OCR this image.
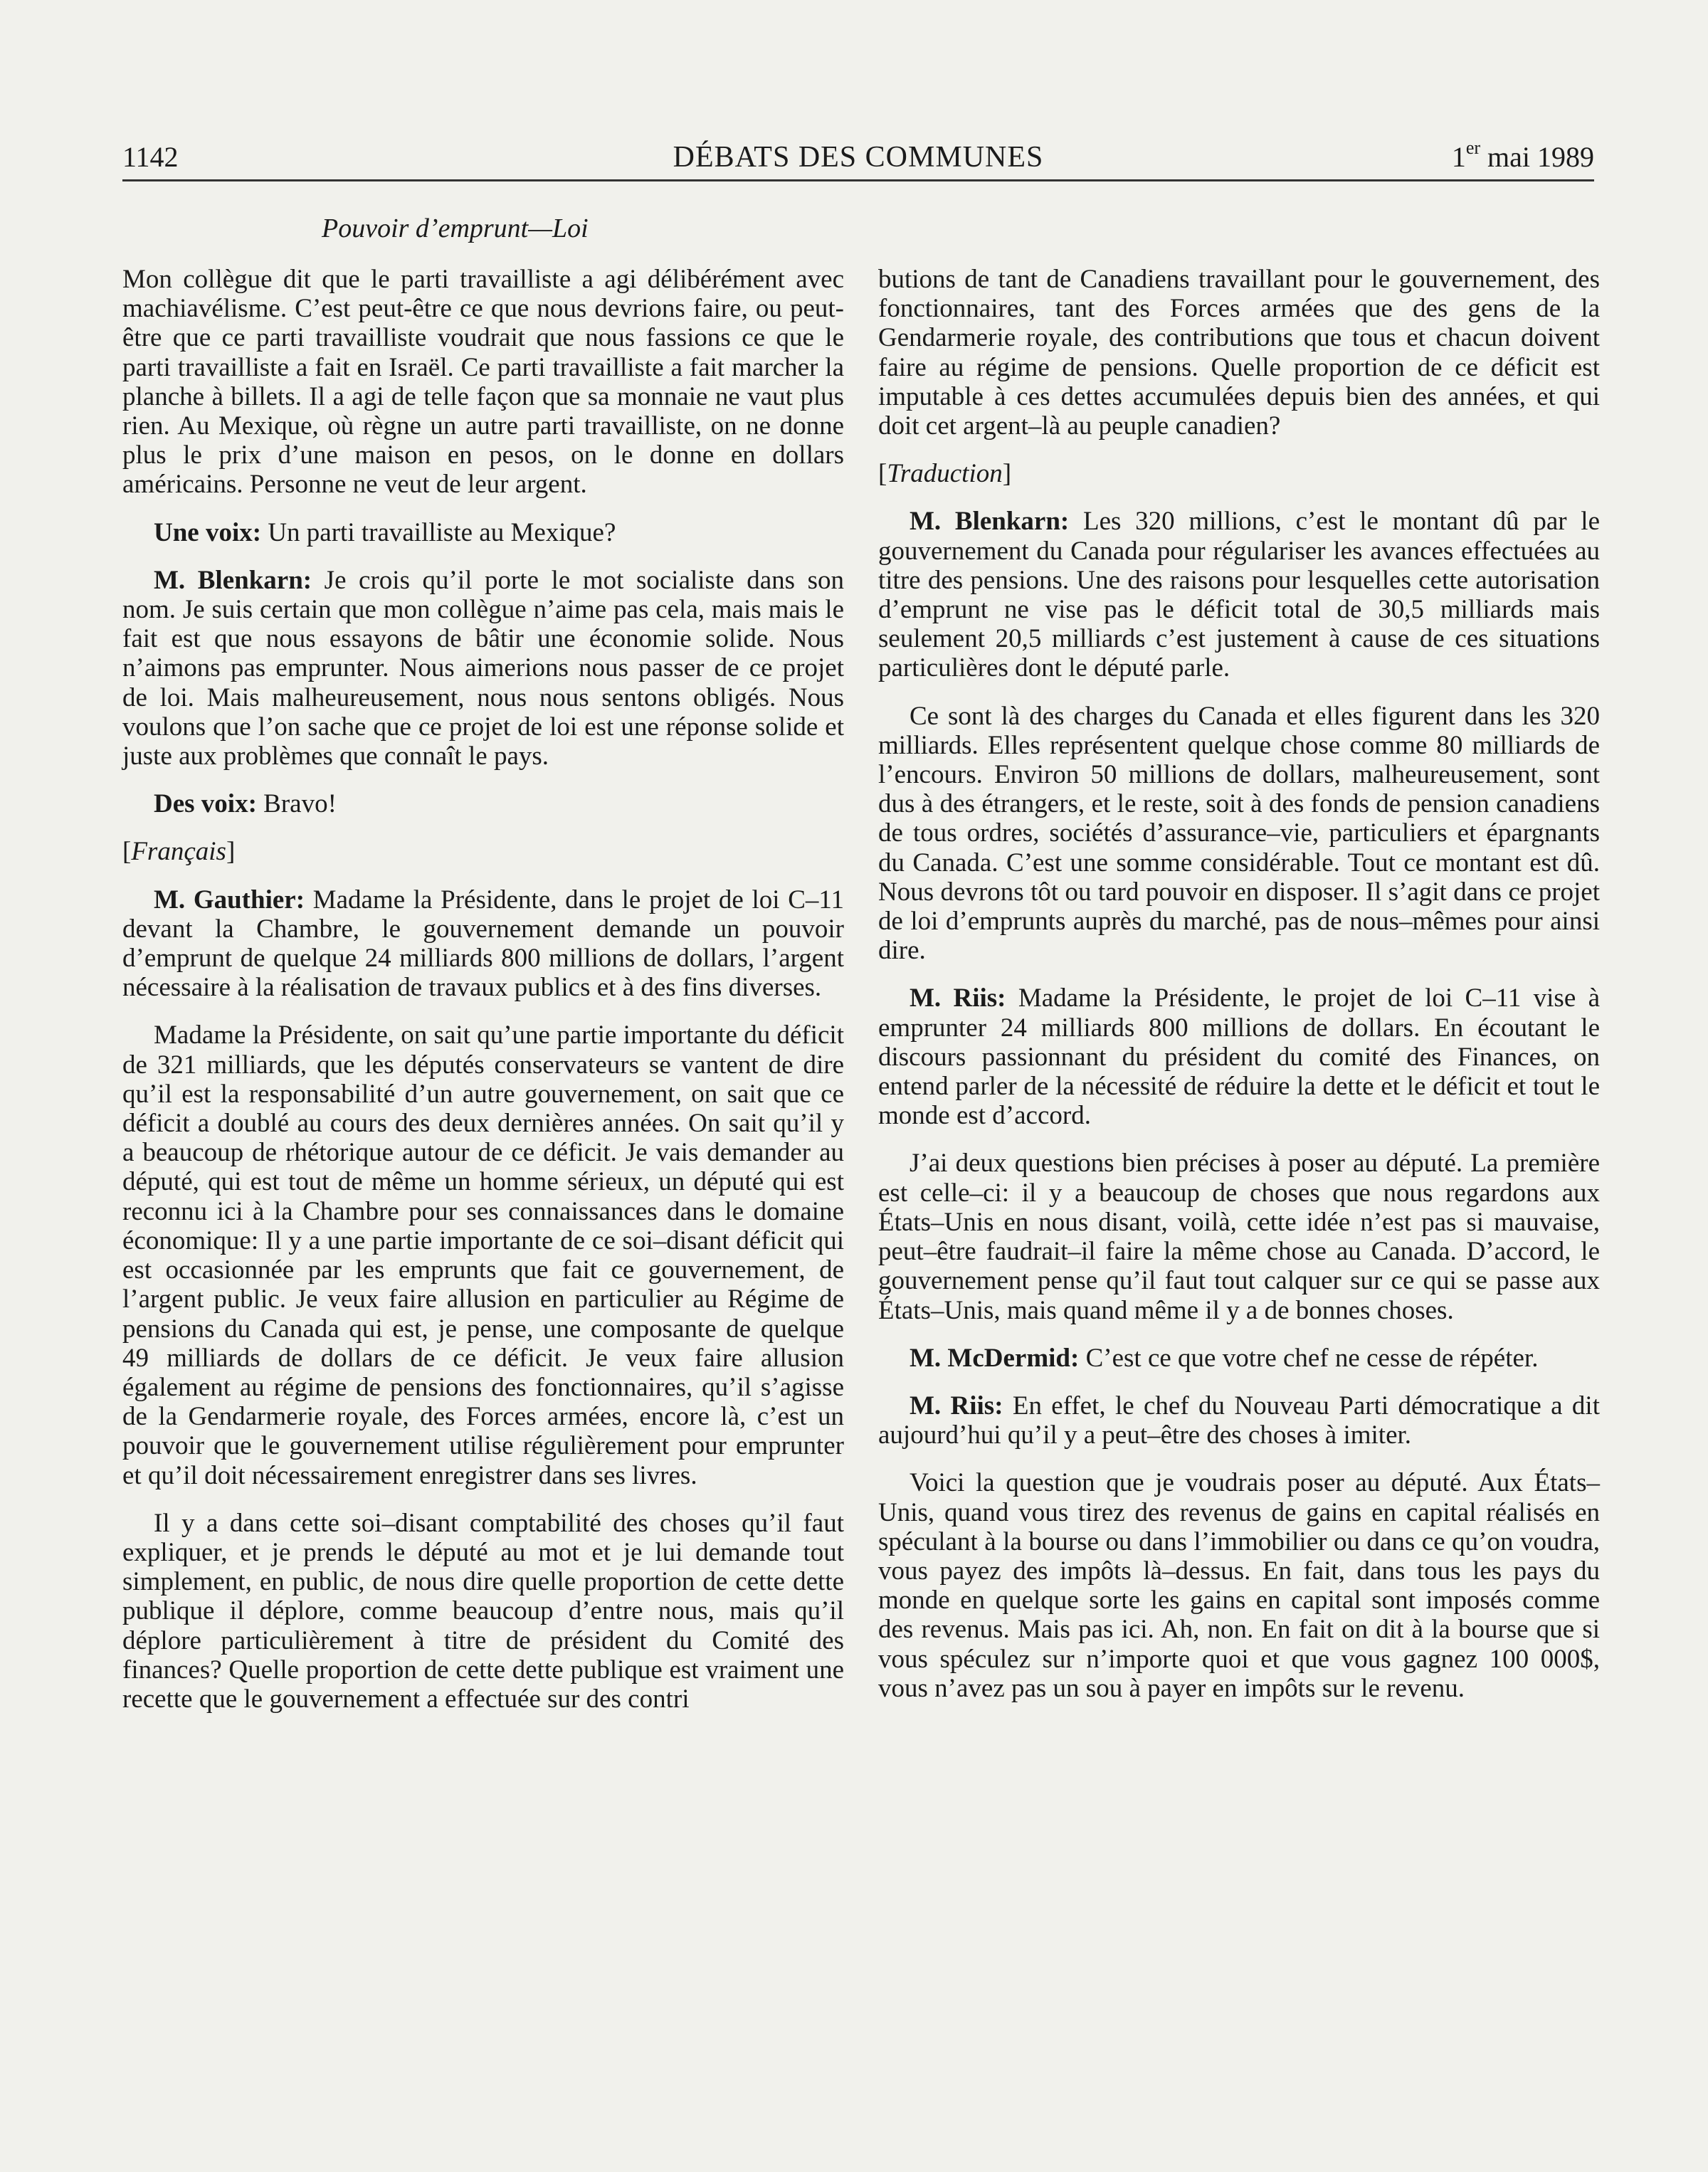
1142	DÉBATS DES COMMUNES	1er mai 1989
Pouvoir d’emprunt—Loi

Mon collègue dit que le parti travailliste a agi délibérément avec machiavélisme. C’est peut-être ce que nous devrions faire, ou peut-être que ce parti travailliste voudrait que nous fassions ce que le parti travailliste a fait en Israël. Ce parti travailliste a fait marcher la planche à billets. Il a agi de telle façon que sa monnaie ne vaut plus rien. Au Mexique, où règne un autre parti travailliste, on ne donne plus le prix d’une maison en pesos, on le donne en dollars américains. Personne ne veut de leur argent.

Une voix: Un parti travailliste au Mexique?

M. Blenkarn: Je crois qu’il porte le mot socialiste dans son nom. Je suis certain que mon collègue n’aime pas cela, mais mais le fait est que nous essayons de bâtir une économie solide. Nous n’aimons pas emprunter. Nous aimerions nous passer de ce projet de loi. Mais malheureusement, nous nous sentons obligés. Nous voulons que l’on sache que ce projet de loi est une réponse solide et juste aux problèmes que connaît le pays.

Des voix: Bravo!

[Français]

M. Gauthier: Madame la Présidente, dans le projet de loi C–11 devant la Chambre, le gouvernement demande un pouvoir d’emprunt de quelque 24 milliards 800 millions de dollars, l’argent nécessaire à la réalisation de travaux publics et à des fins diverses.

Madame la Présidente, on sait qu’une partie importante du déficit de 321 milliards, que les députés conservateurs se vantent de dire qu’il est la responsabilité d’un autre gouvernement, on sait que ce déficit a doublé au cours des deux dernières années. On sait qu’il y a beaucoup de rhétorique autour de ce déficit. Je vais demander au député, qui est tout de même un homme sérieux, un député qui est reconnu ici à la Chambre pour ses connaissances dans le domaine économique: Il y a une partie importante de ce soi–disant déficit qui est occasionnée par les emprunts que fait ce gouvernement, de l’argent public. Je veux faire allusion en particulier au Régime de pensions du Canada qui est, je pense, une composante de quelque 49 milliards de dollars de ce déficit. Je veux faire allusion également au régime de pensions des fonctionnaires, qu’il s’agisse de la Gendarmerie royale, des Forces armées, encore là, c’est un pouvoir que le gouvernement utilise régulièrement pour emprunter et qu’il doit nécessairement enregistrer dans ses livres.

Il y a dans cette soi–disant comptabilité des choses qu’il faut expliquer, et je prends le député au mot et je lui demande tout simplement, en public, de nous dire quelle proportion de cette dette publique il déplore, comme beaucoup d’entre nous, mais qu’il déplore particulièrement à titre de président du Comité des finances? Quelle proportion de cette dette publique est vraiment une recette que le gouvernement a effectuée sur des contri

butions de tant de Canadiens travaillant pour le gouvernement, des fonctionnaires, tant des Forces armées que des gens de la Gendarmerie royale, des contributions que tous et chacun doivent faire au régime de pensions. Quelle proportion de ce déficit est imputable à ces dettes accumulées depuis bien des années, et qui doit cet argent–là au peuple canadien?

[Traduction]

M. Blenkarn: Les 320 millions, c’est le montant dû par le gouvernement du Canada pour régulariser les avances effectuées au titre des pensions. Une des raisons pour lesquelles cette autorisation d’emprunt ne vise pas le déficit total de 30,5 milliards mais seulement 20,5 milliards c’est justement à cause de ces situations particulières dont le député parle.

Ce sont là des charges du Canada et elles figurent dans les 320 milliards. Elles représentent quelque chose comme 80 milliards de l’encours. Environ 50 millions de dollars, malheureusement, sont dus à des étrangers, et le reste, soit à des fonds de pension canadiens de tous ordres, sociétés d’assurance–vie, particuliers et épargnants du Canada. C’est une somme considérable. Tout ce montant est dû. Nous devrons tôt ou tard pouvoir en disposer. Il s’agit dans ce projet de loi d’emprunts auprès du marché, pas de nous–mêmes pour ainsi dire.

M. Riis: Madame la Présidente, le projet de loi C–11 vise à emprunter 24 milliards 800 millions de dollars. En écoutant le discours passionnant du président du comité des Finances, on entend parler de la nécessité de réduire la dette et le déficit et tout le monde est d’accord.

J’ai deux questions bien précises à poser au député. La première est celle–ci: il y a beaucoup de choses que nous regardons aux États–Unis en nous disant, voilà, cette idée n’est pas si mauvaise, peut–être faudrait–il faire la même chose au Canada. D’accord, le gouvernement pense qu’il faut tout calquer sur ce qui se passe aux États–Unis, mais quand même il y a de bonnes choses.

M. McDermid: C’est ce que votre chef ne cesse de répéter.

M. Riis: En effet, le chef du Nouveau Parti démocratique a dit aujourd’hui qu’il y a peut–être des choses à imiter.

Voici la question que je voudrais poser au député. Aux États–Unis, quand vous tirez des revenus de gains en capital réalisés en spéculant à la bourse ou dans l’immobilier ou dans ce qu’on voudra, vous payez des impôts là–dessus. En fait, dans tous les pays du monde en quelque sorte les gains en capital sont imposés comme des revenus. Mais pas ici. Ah, non. En fait on dit à la bourse que si vous spéculez sur n’importe quoi et que vous gagnez 100 000$, vous n’avez pas un sou à payer en impôts sur le revenu.
